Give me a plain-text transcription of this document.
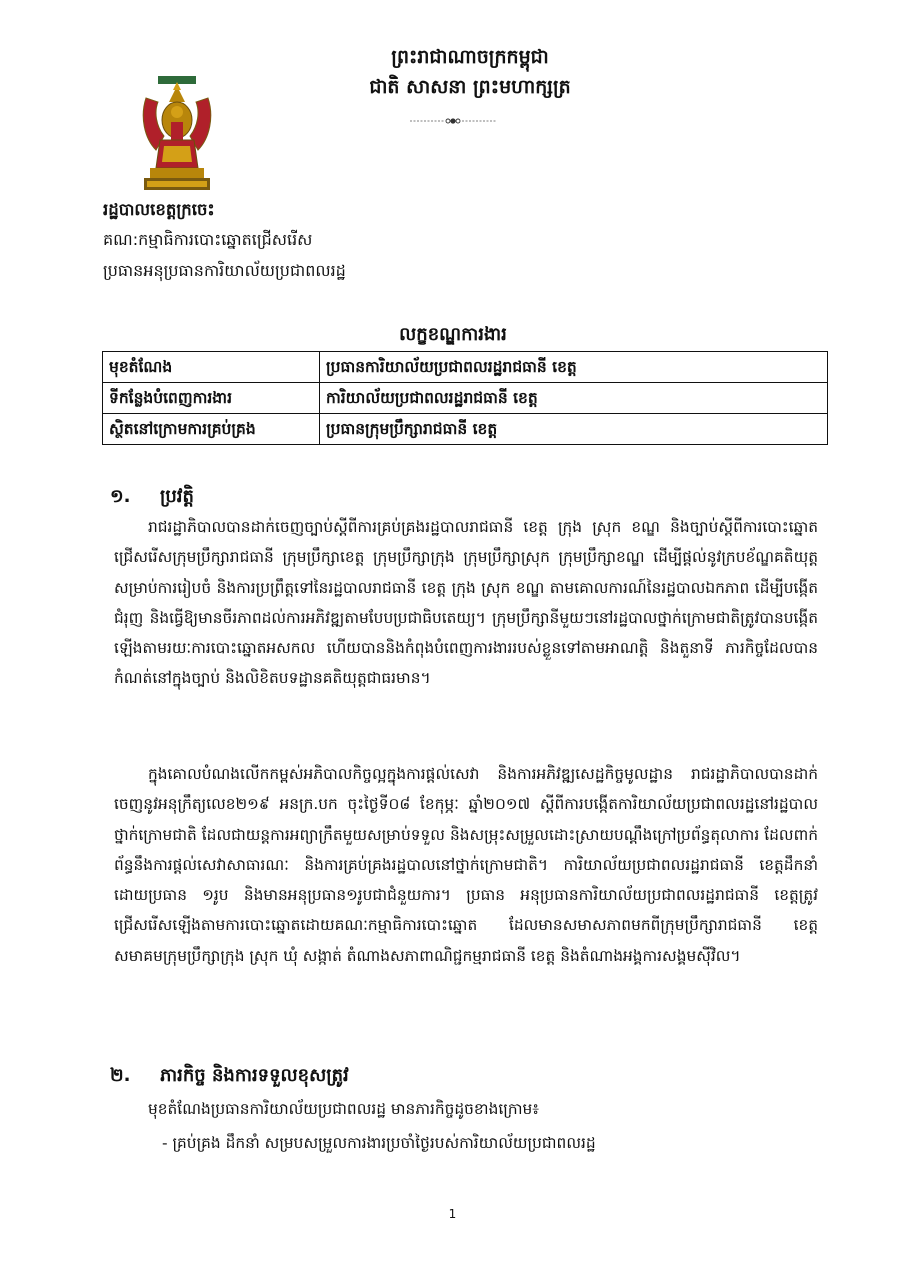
ព្រះរាជាណាចក្រកម្ពុជា
ជាតិ សាសនា ព្រះមហាក្សត្រ
រដ្ឋបាលខេត្តក្រចេះ
គណ:កម្មាធិការបោះឆ្នោតជ្រើសរើស
ប្រធានអនុប្រធានការិយាល័យប្រជាពលរដ្ឋ
លក្ខខណ្ឌការងារ
មុខតំណែង	ប្រធានការិយាល័យប្រជាពលរដ្ឋរាជធានី ខេត្ត
ទីកន្លែងបំពេញការងារ	ការិយាល័យប្រជាពលរដ្ឋរាជធានី ខេត្ត
ស្ថិតនៅក្រោមការគ្រប់គ្រង	ប្រធានក្រុមប្រឹក្សារាជធានី ខេត្ត
១. ប្រវត្តិ
រាជរដ្ឋាភិបាលបានដាក់ចេញច្បាប់ស្តីពីការគ្រប់គ្រងរដ្ឋបាលរាជធានី ខេត្ត ក្រុង ស្រុក ខណ្ឌ និងច្បាប់ស្តីពីការបោះឆ្នោតជ្រើសរើសក្រុមប្រឹក្សារាជធានី ក្រុមប្រឹក្សាខេត្ត ក្រុមប្រឹក្សាក្រុង ក្រុមប្រឹក្សាស្រុក ក្រុមប្រឹក្សាខណ្ឌ ដើម្បីផ្តល់នូវក្របខ័ណ្ឌគតិយុត្តសម្រាប់ការរៀបចំ និងការប្រព្រឹត្តទៅនៃរដ្ឋបាលរាជធានី ខេត្ត ក្រុង ស្រុក ខណ្ឌ តាមគោលការណ៍នៃរដ្ឋបាលឯកភាព ដើម្បីបង្កើត ជំរុញ និងធ្វើឱ្យមានចីរភាពដល់ការអភិវឌ្ឍតាមបែបប្រជាធិបតេយ្យ។ ក្រុមប្រឹក្សានីមួយៗនៅរដ្ឋបាលថ្នាក់ក្រោមជាតិត្រូវបានបង្កើតឡើងតាមរយៈការបោះឆ្នោតអសកល ហើយបាននិងកំពុងបំពេញការងាររបស់ខ្លួនទៅតាមអាណត្តិ និងតួនាទី ភារកិច្ចដែលបានកំណត់នៅក្នុងច្បាប់ និងលិខិតបទដ្ឋានគតិយុត្តជាធរមាន។
ក្នុងគោលបំណងលើកកម្ពស់អភិបាលកិច្ចល្អក្នុងការផ្តល់សេវា និងការអភិវឌ្ឍសេដ្ឋកិច្ចមូលដ្ឋាន រាជរដ្ឋាភិបាលបានដាក់ចេញនូវអនុក្រឹត្យលេខ២១៩ អនក្រ.បក ចុះថ្ងៃទី០៨ ខែកុម្ភៈ ឆ្នាំ២០១៧ ស្តីពីការបង្កើតការិយាល័យប្រជាពលរដ្ឋនៅរដ្ឋបាលថ្នាក់ក្រោមជាតិ ដែលជាយន្តការអព្យាក្រឹតមួយសម្រាប់ទទួល និងសម្រុះសម្រួលដោះស្រាយបណ្តឹងក្រៅប្រព័ន្ធតុលាការ ដែលពាក់ព័ន្ធនឹងការផ្តល់សេវាសាធារណៈ និងការគ្រប់គ្រងរដ្ឋបាលនៅថ្នាក់ក្រោមជាតិ។ ការិយាល័យប្រជាពលរដ្ឋរាជធានី ខេត្តដឹកនាំដោយប្រធាន ១រូប និងមានអនុប្រធាន១រូបជាជំនួយការ។ ប្រធាន អនុប្រធានការិយាល័យប្រជាពលរដ្ឋរាជធានី ខេត្តត្រូវជ្រើសរើសឡើងតាមការបោះឆ្នោតដោយគណៈកម្មាធិការបោះឆ្នោត ដែលមានសមាសភាពមកពីក្រុមប្រឹក្សារាជធានី ខេត្ត សមាគមក្រុមប្រឹក្សាក្រុង ស្រុក ឃុំ សង្កាត់ តំណាងសភាពាណិជ្ជកម្មរាជធានី ខេត្ត និងតំណាងអង្គការសង្គមស៊ីវិល។
២. ភារកិច្ច និងការទទួលខុសត្រូវ
មុខតំណែងប្រធានការិយាល័យប្រជាពលរដ្ឋ មានភារកិច្ចដូចខាងក្រោម៖
- គ្រប់គ្រង ដឹកនាំ សម្របសម្រួលការងារប្រចាំថ្ងៃរបស់ការិយាល័យប្រជាពលរដ្ឋ
1
